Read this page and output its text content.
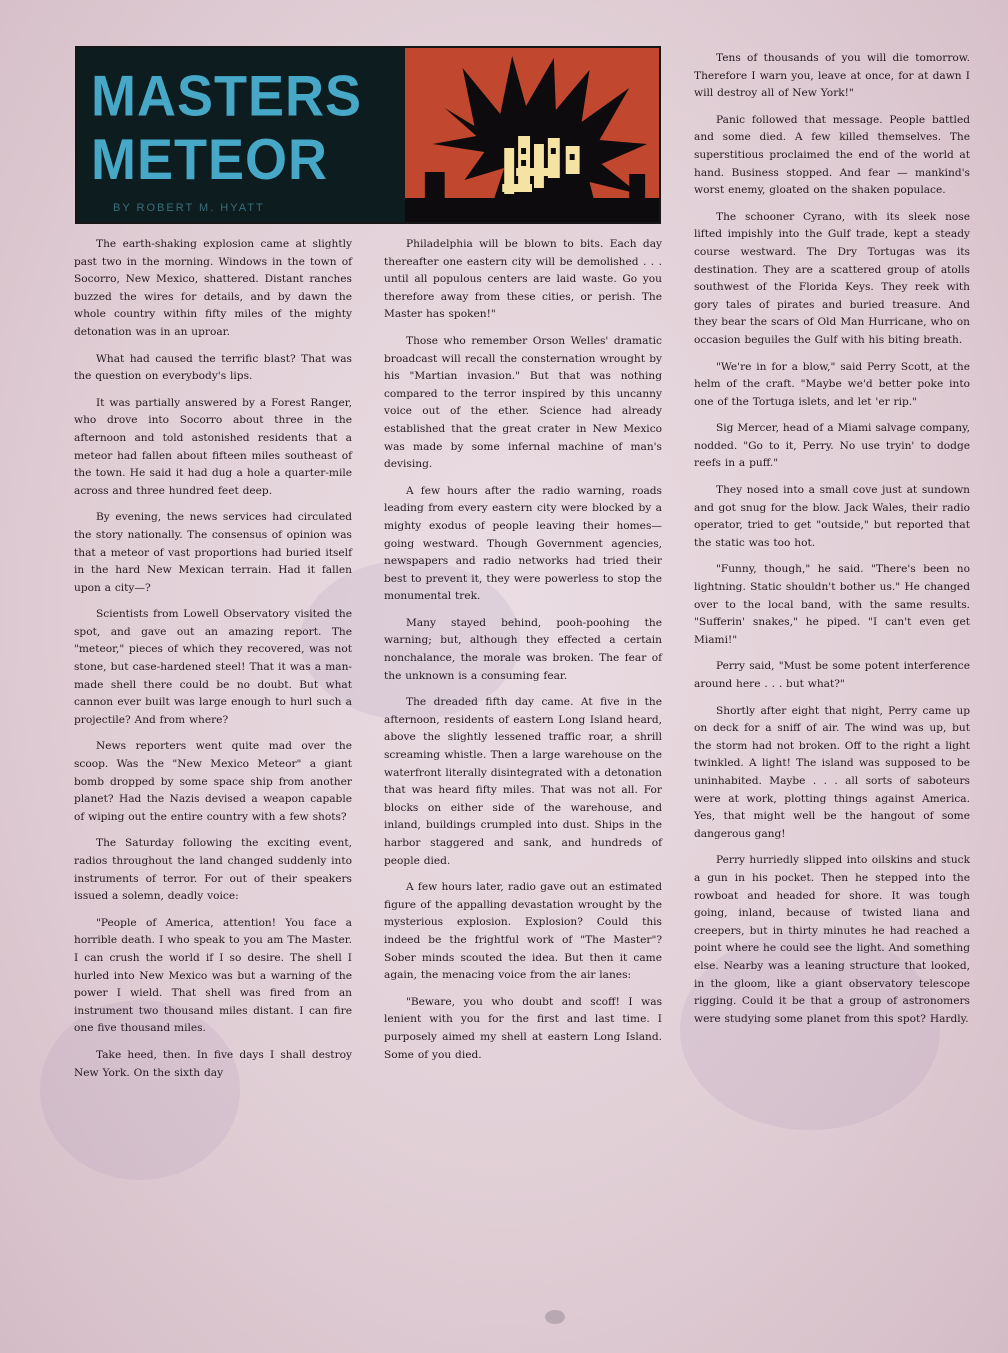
MASTERS
METEOR
BY ROBERT M. HYATT

The earth-shaking explosion came at slightly past two in the morning. Windows in the town of Socorro, New Mexico, shattered. Distant ranches buzzed the wires for details, and by dawn the whole country within fifty miles of the mighty detonation was in an uproar.

What had caused the terrific blast? That was the question on everybody's lips.

It was partially answered by a Forest Ranger, who drove into Socorro about three in the afternoon and told astonished residents that a meteor had fallen about fifteen miles southeast of the town. He said it had dug a hole a quarter-mile across and three hundred feet deep.

By evening, the news services had circulated the story nationally. The consensus of opinion was that a meteor of vast proportions had buried itself in the hard New Mexican terrain. Had it fallen upon a city—?

Scientists from Lowell Observatory visited the spot, and gave out an amazing report. The "meteor," pieces of which they recovered, was not stone, but case-hardened steel! That it was a man-made shell there could be no doubt. But what cannon ever built was large enough to hurl such a projectile? And from where?

News reporters went quite mad over the scoop. Was the "New Mexico Meteor" a giant bomb dropped by some space ship from another planet? Had the Nazis devised a weapon capable of wiping out the entire country with a few shots?

The Saturday following the exciting event, radios throughout the land changed suddenly into instruments of terror. For out of their speakers issued a solemn, deadly voice:

"People of America, attention! You face a horrible death. I who speak to you am The Master. I can crush the world if I so desire. The shell I hurled into New Mexico was but a warning of the power I wield. That shell was fired from an instrument two thousand miles distant. I can fire one five thousand miles.

Take heed, then. In five days I shall destroy New York. On the sixth day

Philadelphia will be blown to bits. Each day thereafter one eastern city will be demolished . . . until all populous centers are laid waste. Go you therefore away from these cities, or perish. The Master has spoken!"

Those who remember Orson Welles' dramatic broadcast will recall the consternation wrought by his "Martian invasion." But that was nothing compared to the terror inspired by this uncanny voice out of the ether. Science had already established that the great crater in New Mexico was made by some infernal machine of man's devising.

A few hours after the radio warning, roads leading from every eastern city were blocked by a mighty exodus of people leaving their homes—going westward. Though Government agencies, newspapers and radio networks had tried their best to prevent it, they were powerless to stop the monumental trek.

Many stayed behind, pooh-poohing the warning; but, although they effected a certain nonchalance, the morale was broken. The fear of the unknown is a consuming fear.

The dreaded fifth day came. At five in the afternoon, residents of eastern Long Island heard, above the slightly lessened traffic roar, a shrill screaming whistle. Then a large warehouse on the waterfront literally disintegrated with a detonation that was heard fifty miles. That was not all. For blocks on either side of the warehouse, and inland, buildings crumpled into dust. Ships in the harbor staggered and sank, and hundreds of people died.

A few hours later, radio gave out an estimated figure of the appalling devastation wrought by the mysterious explosion. Explosion? Could this indeed be the frightful work of "The Master"? Sober minds scouted the idea. But then it came again, the menacing voice from the air lanes:

"Beware, you who doubt and scoff! I was lenient with you for the first and last time. I purposely aimed my shell at eastern Long Island. Some of you died.

Tens of thousands of you will die tomorrow. Therefore I warn you, leave at once, for at dawn I will destroy all of New York!"

Panic followed that message. People battled and some died. A few killed themselves. The superstitious proclaimed the end of the world at hand. Business stopped. And fear — mankind's worst enemy, gloated on the shaken populace.

The schooner Cyrano, with its sleek nose lifted impishly into the Gulf trade, kept a steady course westward. The Dry Tortugas was its destination. They are a scattered group of atolls southwest of the Florida Keys. They reek with gory tales of pirates and buried treasure. And they bear the scars of Old Man Hurricane, who on occasion beguiles the Gulf with his biting breath.

"We're in for a blow," said Perry Scott, at the helm of the craft. "Maybe we'd better poke into one of the Tortuga islets, and let 'er rip."

Sig Mercer, head of a Miami salvage company, nodded. "Go to it, Perry. No use tryin' to dodge reefs in a puff."

They nosed into a small cove just at sundown and got snug for the blow. Jack Wales, their radio operator, tried to get "outside," but reported that the static was too hot.

"Funny, though," he said. "There's been no lightning. Static shouldn't bother us." He changed over to the local band, with the same results. "Sufferin' snakes," he piped. "I can't even get Miami!"

Perry said, "Must be some potent interference around here . . . but what?"

Shortly after eight that night, Perry came up on deck for a sniff of air. The wind was up, but the storm had not broken. Off to the right a light twinkled. A light! The island was supposed to be uninhabited. Maybe . . . all sorts of saboteurs were at work, plotting things against America. Yes, that might well be the hangout of some dangerous gang!

Perry hurriedly slipped into oilskins and stuck a gun in his pocket. Then he stepped into the rowboat and headed for shore. It was tough going, inland, because of twisted liana and creepers, but in thirty minutes he had reached a point where he could see the light. And something else. Nearby was a leaning structure that looked, in the gloom, like a giant observatory telescope rigging. Could it be that a group of astronomers were studying some planet from this spot? Hardly.
